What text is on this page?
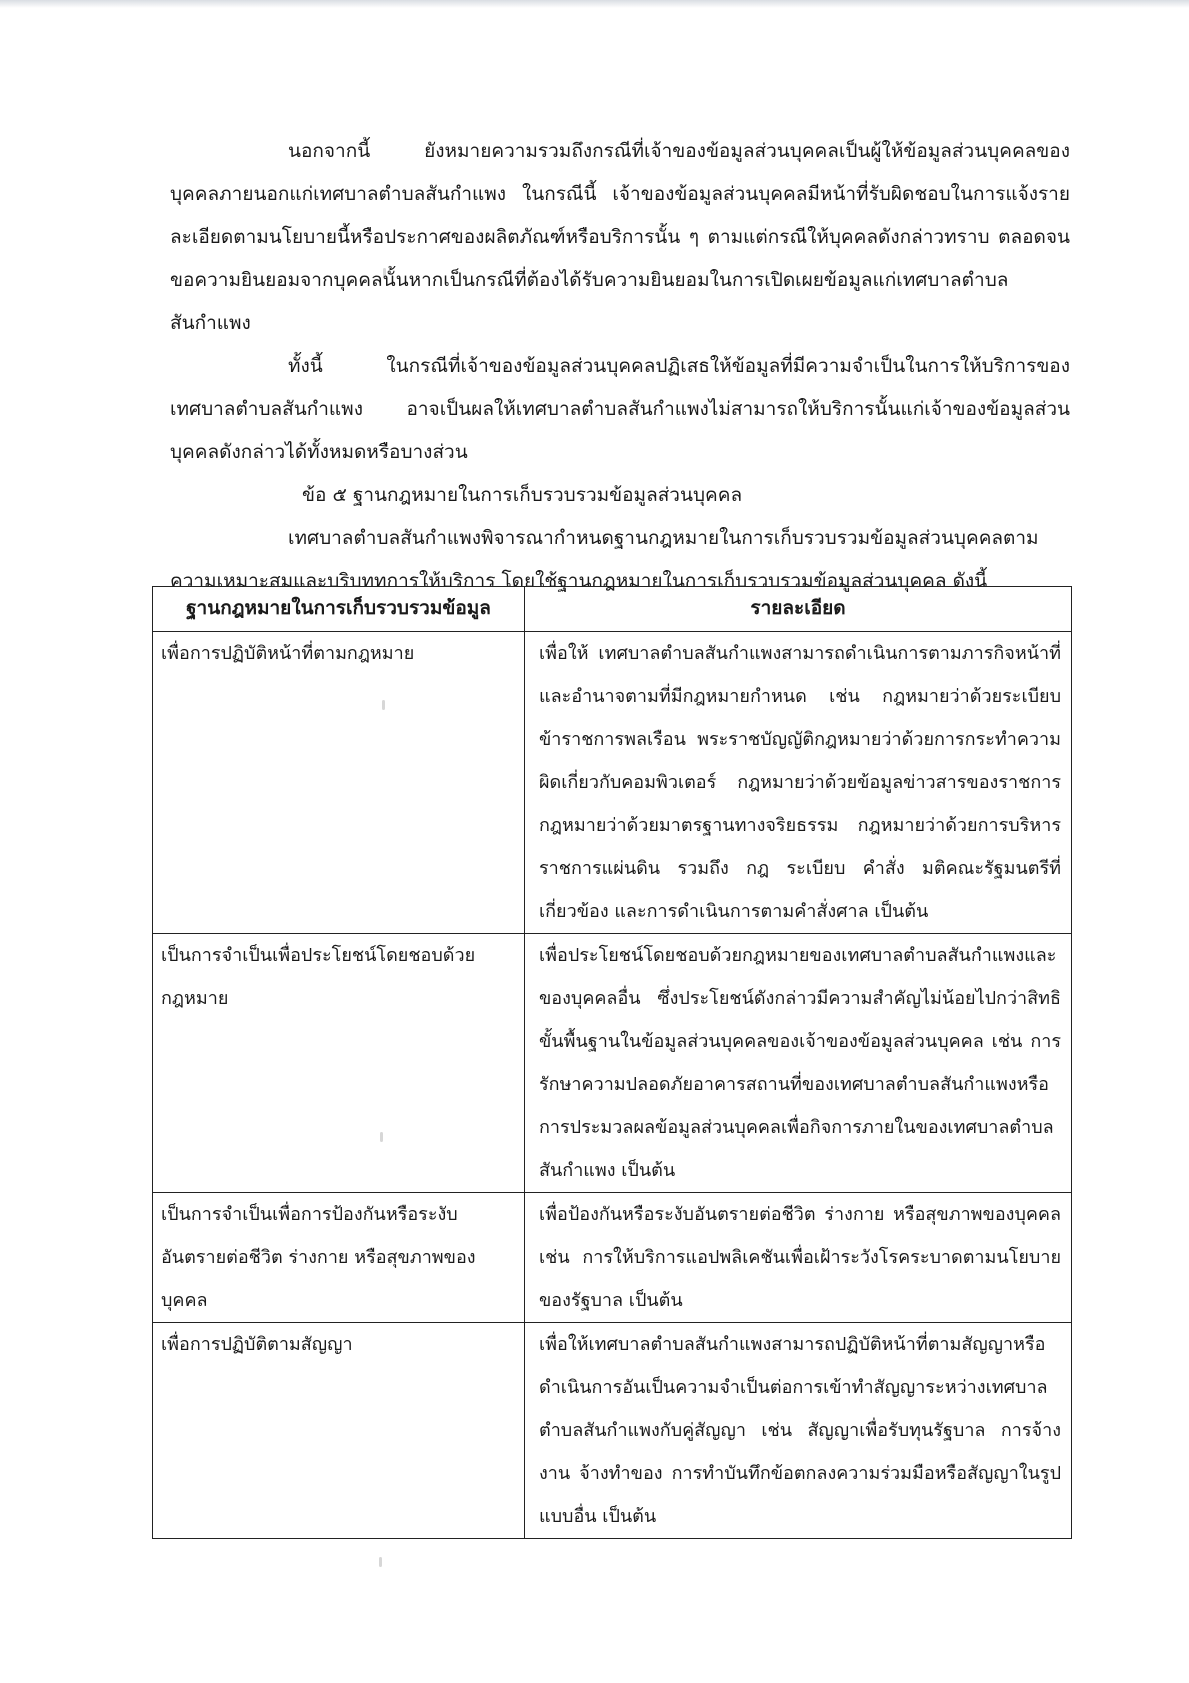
นอกจากนี้ ยังหมายความรวมถึงกรณีที่เจ้าของข้อมูลส่วนบุคคลเป็นผู้ให้ข้อมูลส่วนบุคคลของบุคคลภายนอกแก่เทศบาลตำบลสันกำแพง ในกรณีนี้ เจ้าของข้อมูลส่วนบุคคลมีหน้าที่รับผิดชอบในการแจ้งรายละเอียดตามนโยบายนี้หรือประกาศของผลิตภัณฑ์หรือบริการนั้น ๆ ตามแต่กรณีให้บุคคลดังกล่าวทราบ ตลอดจนขอความยินยอมจากบุคคลนั้นหากเป็นกรณีที่ต้องได้รับความยินยอมในการเปิดเผยข้อมูลแก่เทศบาลตำบลสันกำแพง

ทั้งนี้ ในกรณีที่เจ้าของข้อมูลส่วนบุคคลปฏิเสธให้ข้อมูลที่มีความจำเป็นในการให้บริการของเทศบาลตำบลสันกำแพง อาจเป็นผลให้เทศบาลตำบลสันกำแพงไม่สามารถให้บริการนั้นแก่เจ้าของข้อมูลส่วนบุคคลดังกล่าวได้ทั้งหมดหรือบางส่วน

ข้อ ๕ ฐานกฎหมายในการเก็บรวบรวมข้อมูลส่วนบุคคล

เทศบาลตำบลสันกำแพงพิจารณากำหนดฐานกฎหมายในการเก็บรวบรวมข้อมูลส่วนบุคคลตามความเหมาะสมและบริบททการให้บริการ โดยใช้ฐานกฎหมายในการเก็บรวบรวมข้อมูลส่วนบุคคล ดังนี้

ฐานกฎหมายในการเก็บรวบรวมข้อมูล	รายละเอียด
เพื่อการปฏิบัติหน้าที่ตามกฎหมาย	เพื่อให้ เทศบาลตำบลสันกำแพงสามารถดำเนินการตามภารกิจหน้าที่และอำนาจตามที่มีกฎหมายกำหนด เช่น กฎหมายว่าด้วยระเบียบข้าราชการพลเรือน พระราชบัญญัติกฎหมายว่าด้วยการกระทำความผิดเกี่ยวกับคอมพิวเตอร์ กฎหมายว่าด้วยข้อมูลข่าวสารของราชการ กฎหมายว่าด้วยมาตรฐานทางจริยธรรม กฎหมายว่าด้วยการบริหารราชการแผ่นดิน รวมถึง กฎ ระเบียบ คำสั่ง มติคณะรัฐมนตรีที่เกี่ยวข้อง และการดำเนินการตามคำสั่งศาล เป็นต้น
เป็นการจำเป็นเพื่อประโยชน์โดยชอบด้วยกฎหมาย	เพื่อประโยชน์โดยชอบด้วยกฎหมายของเทศบาลตำบลสันกำแพงและของบุคคลอื่น ซึ่งประโยชน์ดังกล่าวมีความสำคัญไม่น้อยไปกว่าสิทธิขั้นพื้นฐานในข้อมูลส่วนบุคคลของเจ้าของข้อมูลส่วนบุคคล เช่น การรักษาความปลอดภัยอาคารสถานที่ของเทศบาลตำบลสันกำแพงหรือ การประมวลผลข้อมูลส่วนบุคคลเพื่อกิจการภายในของเทศบาลตำบลสันกำแพง เป็นต้น
เป็นการจำเป็นเพื่อการป้องกันหรือระงับอันตรายต่อชีวิต ร่างกาย หรือสุขภาพของบุคคล	เพื่อป้องกันหรือระงับอันตรายต่อชีวิต ร่างกาย หรือสุขภาพของบุคคล เช่น การให้บริการแอปพลิเคชันเพื่อเฝ้าระวังโรคระบาดตามนโยบายของรัฐบาล เป็นต้น
เพื่อการปฏิบัติตามสัญญา	เพื่อให้เทศบาลตำบลสันกำแพงสามารถปฏิบัติหน้าที่ตามสัญญาหรือดำเนินการอันเป็นความจำเป็นต่อการเข้าทำสัญญาระหว่างเทศบาลตำบลสันกำแพงกับคู่สัญญา เช่น สัญญาเพื่อรับทุนรัฐบาล การจ้างงาน จ้างทำของ การทำบันทึกข้อตกลงความร่วมมือหรือสัญญาในรูปแบบอื่น เป็นต้น
